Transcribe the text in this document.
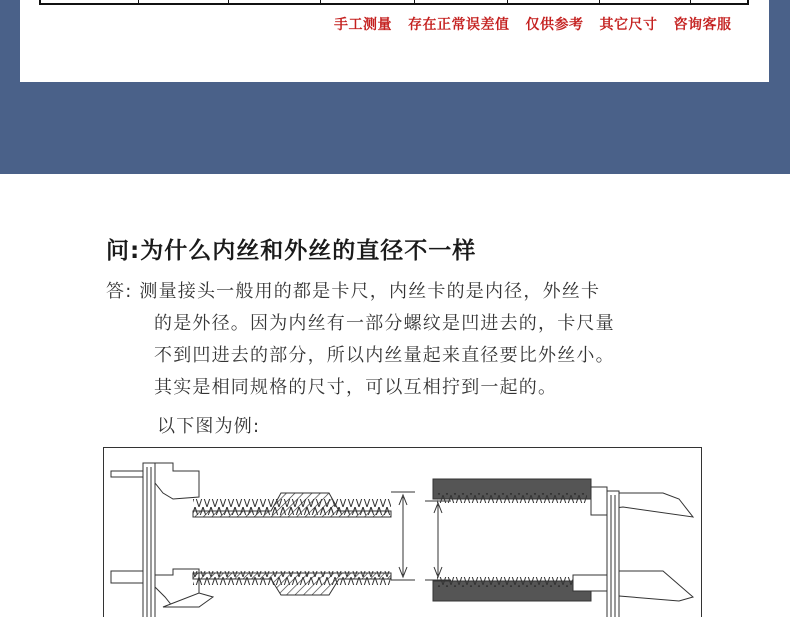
手工测量 存在正常误差值 仅供参考 其它尺寸 咨询客服
问:为什么内丝和外丝的直径不一样
答: 测量接头一般用的都是卡尺，内丝卡的是内径，外丝卡
的是外径。因为内丝有一部分螺纹是凹进去的，卡尺量
不到凹进去的部分，所以内丝量起来直径要比外丝小。
其实是相同规格的尺寸，可以互相拧到一起的。
以下图为例:
